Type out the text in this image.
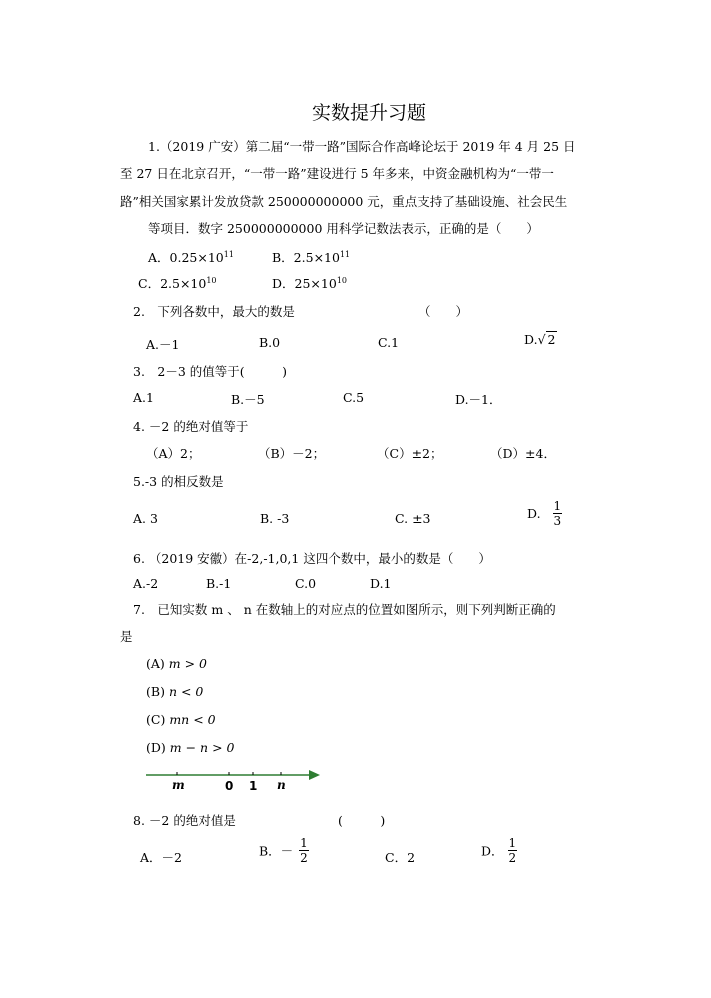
实数提升习题
1.（2019 广安）第二届“一带一路”国际合作高峰论坛于 2019 年 4 月 25 日
至 27 日在北京召开，“一带一路”建设进行 5 年多来，中资金融机构为“一带一
路”相关国家累计发放贷款 250000000000 元，重点支持了基础设施、社会民生
等项目．数字 250000000000 用科学记数法表示，正确的是（　　）
A．$0.25\times 10^{11}$	B．$2.5\times 10^{11}$
C．$2.5\times 10^{10}$	D．$25\times 10^{10}$
2.　下列各数中，最大的数是	（　　）
A.－1	B.0	C.1	D.√ 2
3.　2－3 的值等于(　　　)
A.1	B.－5	C.5	D.－1．
4. －2 的绝对值等于
（A）2；	（B）－2；	（C）±2；	（D）±4．
5.-3 的相反数是
A. 3	B. -3	C. ±3	D. $\frac{1}{3}$
6. （2019 安徽）在-2,-1,0,1 这四个数中，最小的数是（　　）
A.-2	B.-1	C.0	D.1
7.　已知实数 m 、 n 在数轴上的对应点的位置如图所示，则下列判断正确的
是
(A) m > 0
(B) n < 0
(C) mn < 0
(D) m − n > 0
m	0 1 n
8. －2 的绝对值是	(　　　)
A．－2	B．－ $\frac{1}{2}$	C．2	D． $\frac{1}{2}$
